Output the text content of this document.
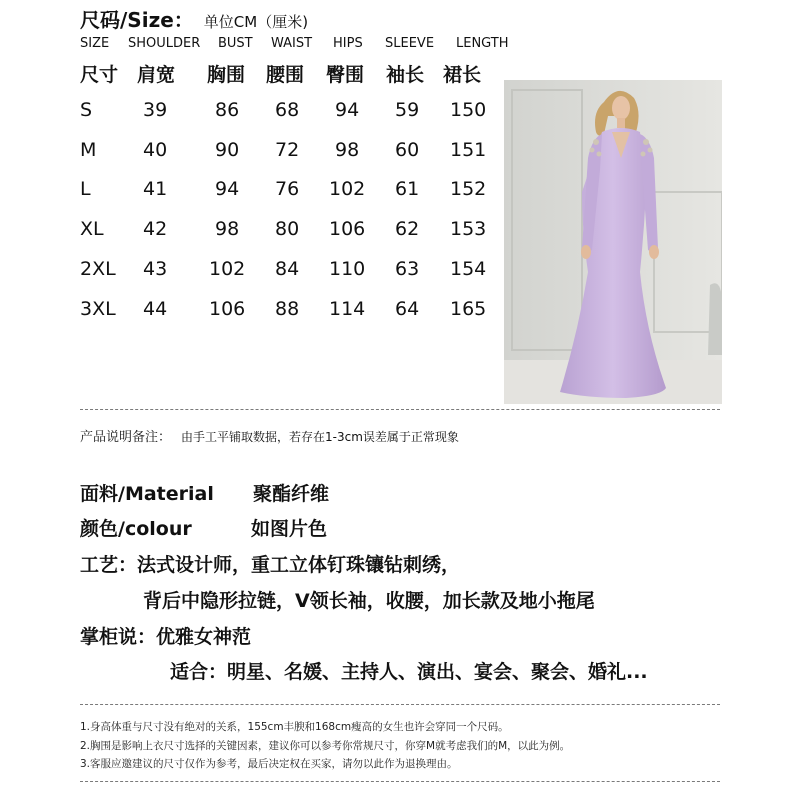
尺码/Size： 单位CM（厘米)
SIZE SHOULDER BUST WAIST HIPS SLEEVE LENGTH
尺寸 肩宽 胸围 腰围 臀围 袖长 裙长
S	39	86 68 94 59 150
M 40	90 72 98 60 151
L	41	94 76 102 61 152
XL 42	98 80 106 62 153
2XL 43 102 84 110 63 154
3XL 44 106 88 114 64 165
产品说明备注： 由手工平铺取数据，若存在1-3cm误差属于正常现象
面料/Material 聚酯纤维
颜色/colour	如图片色
工艺：法式设计师，重工立体钉珠镶钻刺绣，
背后中隐形拉链，V领长袖，收腰，加长款及地小拖尾
掌柜说：优雅女神范
适合：明星、名媛、主持人、演出、宴会、聚会、婚礼...
1.身高体重与尺寸没有绝对的关系，155cm丰腴和168cm瘦高的女生也许会穿同一个尺码。
2.胸围是影响上衣尺寸选择的关键因素，建议你可以参考你常规尺寸，你穿M就考虑我们的M，以此为例。
3.客服应邀建议的尺寸仅作为参考，最后决定权在买家，请勿以此作为退换理由。
